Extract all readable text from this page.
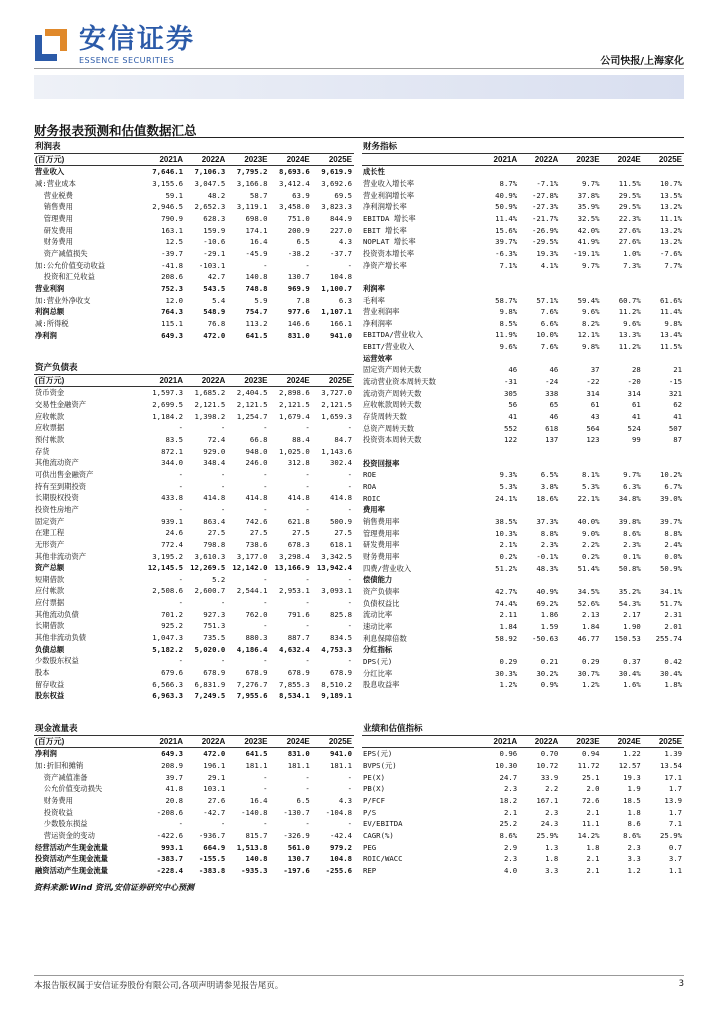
安信证券
ESSENCE SECURITIES	公司快报/上海家化
财务报表预测和估值数据汇总
利润表					
(百万元)	2021A	2022A	2023E	2024E	2025E
营业收入	7,646.1	7,106.3	7,795.2	8,693.6	9,619.9
减:营业成本	3,155.6	3,047.5	3,166.8	3,412.4	3,692.6
营业税费	59.1	48.2	58.7	63.9	69.5
销售费用	2,946.5	2,652.3	3,119.1	3,458.0	3,823.3
管理费用	790.9	628.3	698.0	751.0	844.9
研发费用	163.1	159.9	174.1	200.9	227.0
财务费用	12.5	-10.6	16.4	6.5	4.3
资产减值损失	-39.7	-29.1	-45.9	-38.2	-37.7
加:公允价值变动收益	-41.8	-103.1	-	-	-
投资和汇兑收益	208.6	42.7	140.8	130.7	104.8
营业利润	752.3	543.5	748.8	969.9	1,100.7
加:营业外净收支	12.0	5.4	5.9	7.8	6.3
利润总额	764.3	548.9	754.7	977.6	1,107.1
减:所得税	115.1	76.8	113.2	146.6	166.1
净利润	649.3	472.0	641.5	831.0	941.0
资产负债表					
(百万元)	2021A	2022A	2023E	2024E	2025E
货币资金	1,597.3	1,685.2	2,404.5	2,898.6	3,727.0
交易性金融资产	2,699.5	2,121.5	2,121.5	2,121.5	2,121.5
应收帐款	1,184.2	1,398.2	1,254.7	1,679.4	1,659.3
应收票据	-	-	-	-	-
预付帐款	83.5	72.4	66.8	88.4	84.7
存货	872.1	929.0	948.0	1,025.0	1,143.6
其他流动资产	344.0	348.4	246.0	312.8	302.4
可供出售金融资产	-	-	-	-	-
持有至到期投资	-	-	-	-	-
长期股权投资	433.8	414.8	414.8	414.8	414.8
投资性房地产	-	-	-	-	-
固定资产	939.1	863.4	742.6	621.8	500.9
在建工程	24.6	27.5	27.5	27.5	27.5
无形资产	772.4	798.8	738.6	678.3	618.1
其他非流动资产	3,195.2	3,610.3	3,177.0	3,298.4	3,342.5
资产总额	12,145.5	12,269.5	12,142.0	13,166.9	13,942.4
短期借款	-	5.2	-	-	-
应付帐款	2,508.6	2,600.7	2,544.1	2,953.1	3,093.1
应付票据	-	-	-	-	-
其他流动负债	701.2	927.3	762.0	791.6	825.8
长期借款	925.2	751.3	-	-	-
其他非流动负债	1,047.3	735.5	880.3	887.7	834.5
负债总额	5,182.2	5,020.0	4,186.4	4,632.4	4,753.3
少数股东权益	-	-	-	-	-
股本	679.6	678.9	678.9	678.9	678.9
留存收益	6,566.3	6,831.9	7,276.7	7,855.3	8,510.2
股东权益	6,963.3	7,249.5	7,955.6	8,534.1	9,189.1
现金流量表					
(百万元)	2021A	2022A	2023E	2024E	2025E
净利润	649.3	472.0	641.5	831.0	941.0
加:折旧和摊销	208.9	196.1	181.1	181.1	181.1
资产减值准备	39.7	29.1	-	-	-
公允价值变动损失	41.8	103.1	-	-	-
财务费用	20.8	27.6	16.4	6.5	4.3
投资收益	-208.6	-42.7	-140.8	-130.7	-104.8
少数股东损益	-	-	-	-	-
营运资金的变动	-422.6	-936.7	815.7	-326.9	-42.4
经营活动产生现金流量	993.1	664.9	1,513.8	561.0	979.2
投资活动产生现金流量	-383.7	-155.5	140.8	130.7	104.8
融资活动产生现金流量	-228.4	-383.8	-935.3	-197.6	-255.6
财务指标					
	2021A	2022A	2023E	2024E	2025E
成长性					
营业收入增长率	8.7%	-7.1%	9.7%	11.5%	10.7%
营业利润增长率	40.9%	-27.8%	37.8%	29.5%	13.5%
净利润增长率	50.9%	-27.3%	35.9%	29.5%	13.2%
EBITDA 增长率	11.4%	-21.7%	32.5%	22.3%	11.1%
EBIT 增长率	15.6%	-26.9%	42.0%	27.6%	13.2%
NOPLAT 增长率	39.7%	-29.5%	41.9%	27.6%	13.2%
投资资本增长率	-6.3%	19.3%	-19.1%	1.0%	-7.6%
净资产增长率	7.1%	4.1%	9.7%	7.3%	7.7%

利润率					
毛利率	58.7%	57.1%	59.4%	60.7%	61.6%
营业利润率	9.8%	7.6%	9.6%	11.2%	11.4%
净利润率	8.5%	6.6%	8.2%	9.6%	9.8%
EBITDA/营业收入	11.9%	10.0%	12.1%	13.3%	13.4%
EBIT/营业收入	9.6%	7.6%	9.8%	11.2%	11.5%
运营效率					
固定资产周转天数	46	46	37	28	21
流动营业资本周转天数	-31	-24	-22	-20	-15
流动资产周转天数	305	338	314	314	321
应收帐款周转天数	56	65	61	61	62
存货周转天数	41	46	43	41	41
总资产周转天数	552	618	564	524	507
投资资本周转天数	122	137	123	99	87

投资回报率					
ROE	9.3%	6.5%	8.1%	9.7%	10.2%
ROA	5.3%	3.8%	5.3%	6.3%	6.7%
ROIC	24.1%	18.6%	22.1%	34.8%	39.0%
费用率					
销售费用率	38.5%	37.3%	40.0%	39.8%	39.7%
管理费用率	10.3%	8.8%	9.0%	8.6%	8.8%
研发费用率	2.1%	2.3%	2.2%	2.3%	2.4%
财务费用率	0.2%	-0.1%	0.2%	0.1%	0.0%
四费/营业收入	51.2%	48.3%	51.4%	50.8%	50.9%
偿债能力					
资产负债率	42.7%	40.9%	34.5%	35.2%	34.1%
负债权益比	74.4%	69.2%	52.6%	54.3%	51.7%
流动比率	2.11	1.86	2.13	2.17	2.31
速动比率	1.84	1.59	1.84	1.90	2.01
利息保障倍数	58.92	-50.63	46.77	150.53	255.74
分红指标					
DPS(元)	0.29	0.21	0.29	0.37	0.42
分红比率	30.3%	30.2%	30.7%	30.4%	30.4%
股息收益率	1.2%	0.9%	1.2%	1.6%	1.8%
业绩和估值指标					
	2021A	2022A	2023E	2024E	2025E
EPS(元)	0.96	0.70	0.94	1.22	1.39
BVPS(元)	10.30	10.72	11.72	12.57	13.54
PE(X)	24.7	33.9	25.1	19.3	17.1
PB(X)	2.3	2.2	2.0	1.9	1.7
P/FCF	18.2	167.1	72.6	18.5	13.9
P/S	2.1	2.3	2.1	1.8	1.7
EV/EBITDA	25.2	24.3	11.1	8.6	7.1
CAGR(%)	8.6%	25.9%	14.2%	8.6%	25.9%
PEG	2.9	1.3	1.8	2.3	0.7
ROIC/WACC	2.3	1.8	2.1	3.3	3.7
REP	4.0	3.3	2.1	1.2	1.1
资料来源:Wind 资讯,安信证券研究中心预测
本报告版权属于安信证券股份有限公司,各项声明请参见报告尾页。	3
